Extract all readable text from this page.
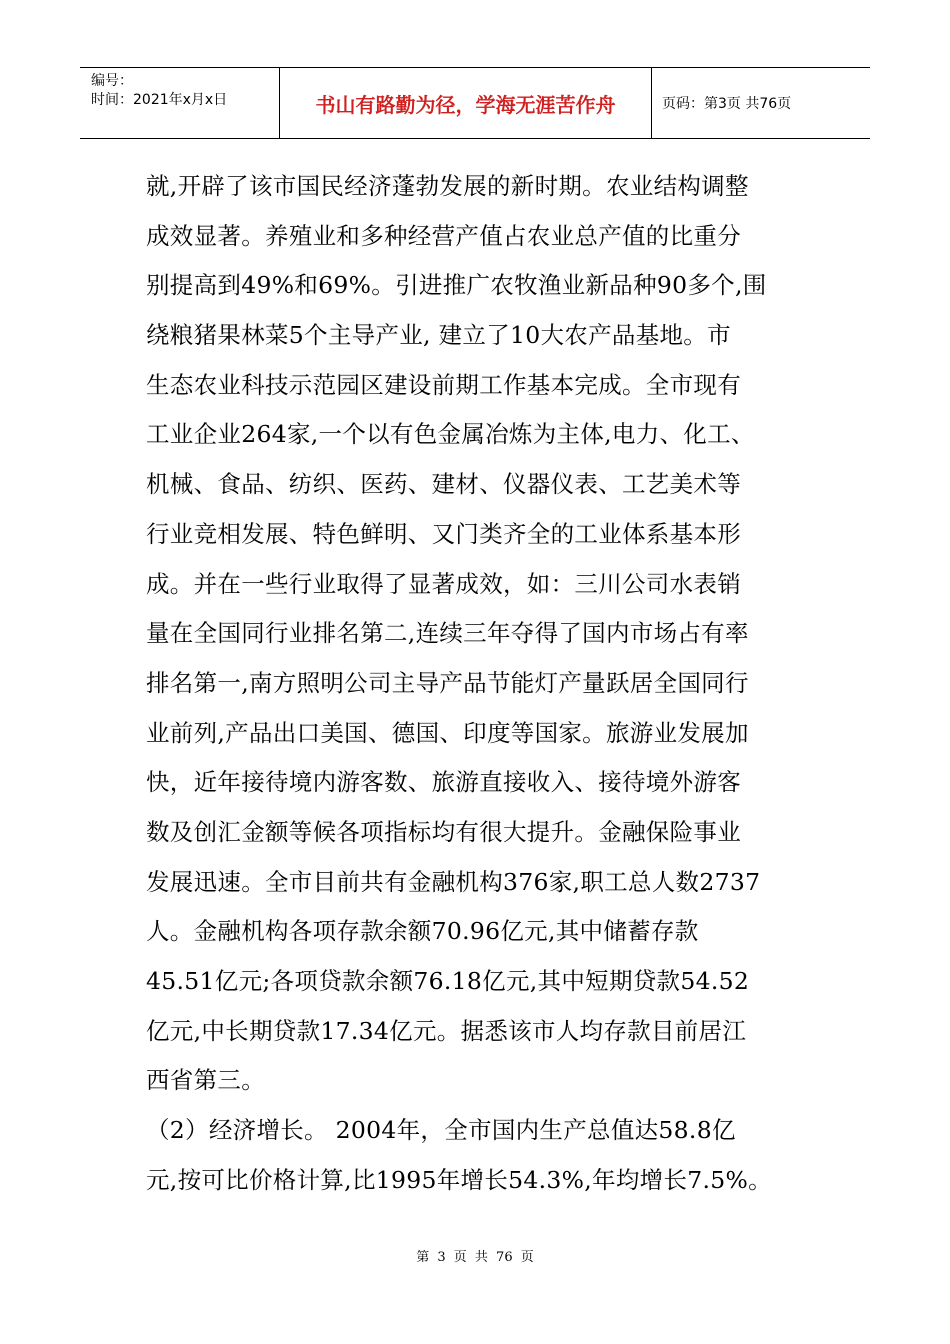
编号：
时间：2021年x月x日	书山有路勤为径，学海无涯苦作舟	页码：第3页 共76页
就,开辟了该市国民经济蓬勃发展的新时期。农业结构调整
成效显著。养殖业和多种经营产值占农业总产值的比重分
别提高到49%和69%。引进推广农牧渔业新品种90多个,围
绕粮猪果林菜5个主导产业, 建立了10大农产品基地。市
生态农业科技示范园区建设前期工作基本完成。全市现有
工业企业264家,一个以有色金属冶炼为主体,电力、化工、
机械、食品、纺织、医药、建材、仪器仪表、工艺美术等
行业竞相发展、特色鲜明、又门类齐全的工业体系基本形
成。并在一些行业取得了显著成效，如：三川公司水表销
量在全国同行业排名第二,连续三年夺得了国内市场占有率
排名第一,南方照明公司主导产品节能灯产量跃居全国同行
业前列,产品出口美国、德国、印度等国家。旅游业发展加
快，近年接待境内游客数、旅游直接收入、接待境外游客
数及创汇金额等候各项指标均有很大提升。金融保险事业
发展迅速。全市目前共有金融机构376家,职工总人数2737
人。金融机构各项存款余额70.96亿元,其中储蓄存款
45.51亿元;各项贷款余额76.18亿元,其中短期贷款54.52
亿元,中长期贷款17.34亿元。据悉该市人均存款目前居江
西省第三。
（2）经济增长。 2004年，全市国内生产总值达58.8亿
元,按可比价格计算,比1995年增长54.3%,年均增长7.5%。
第 3 页 共 76 页
